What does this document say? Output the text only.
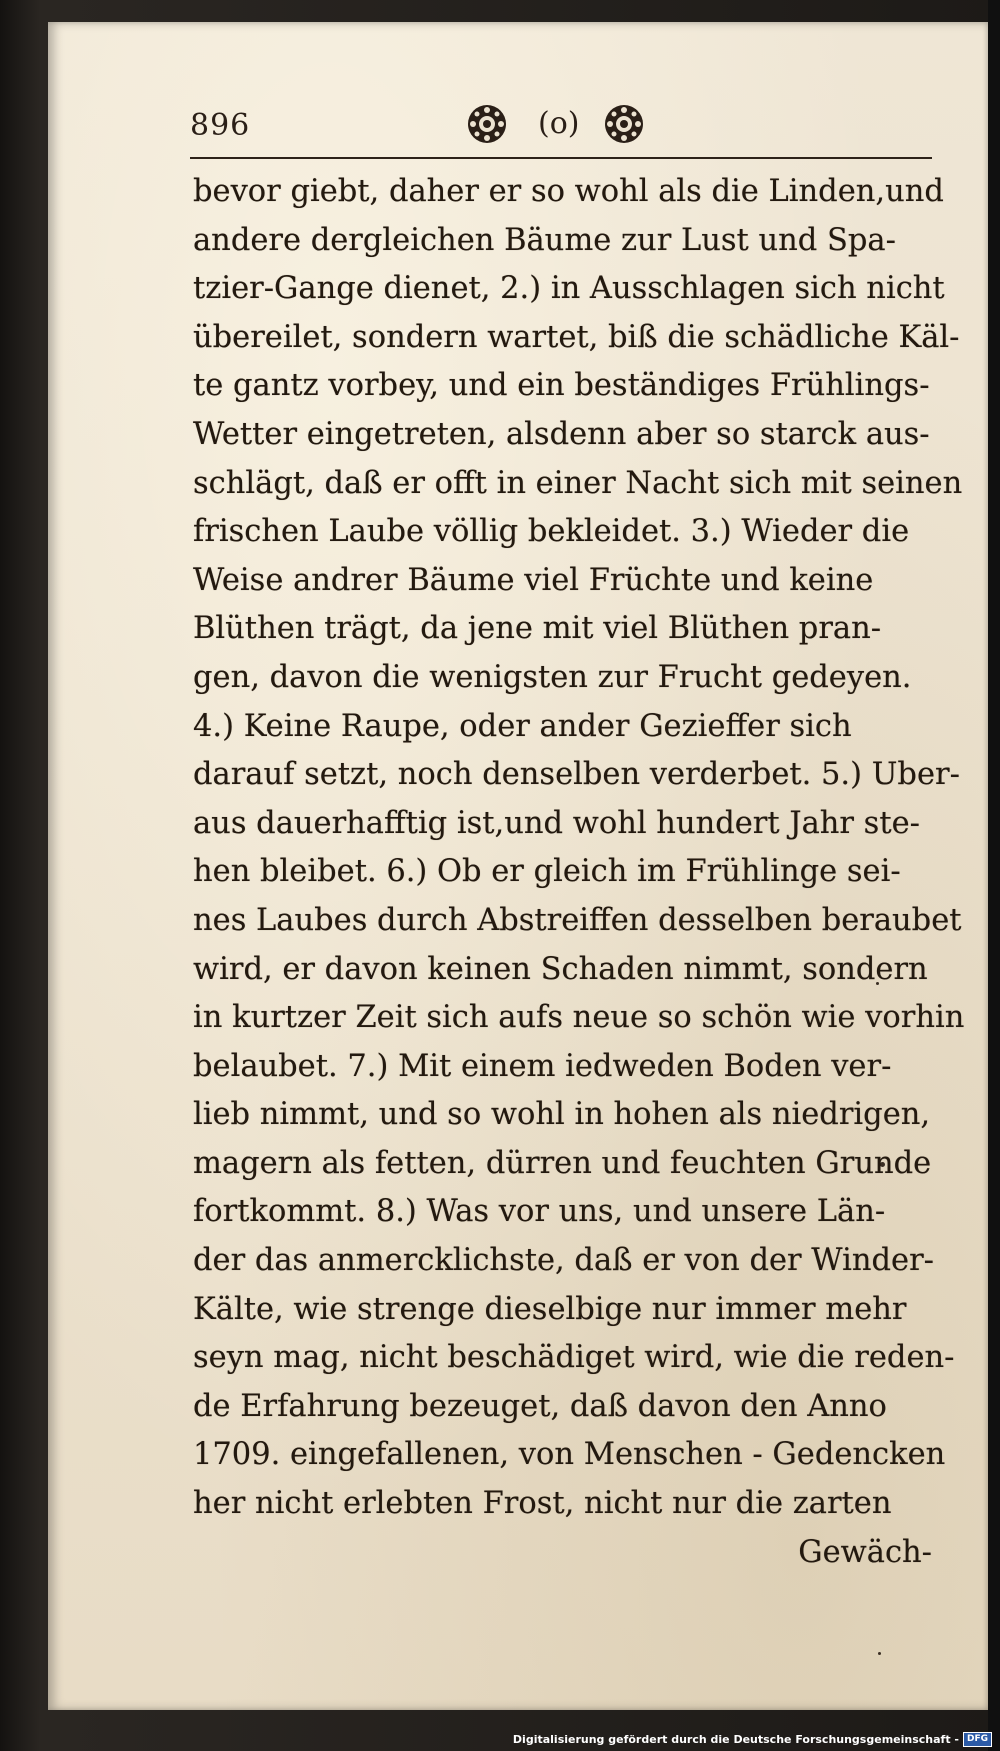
896	(o)
bevor giebt, daher er so wohl als die Linden,und
andere dergleichen Bäume zur Lust und Spa-
tzier-Gange dienet, 2.) in Ausschlagen sich nicht
übereilet, sondern wartet, biß die schädliche Käl-
te gantz vorbey, und ein beständiges Frühlings-
Wetter eingetreten, alsdenn aber so starck aus-
schlägt, daß er offt in einer Nacht sich mit seinen
frischen Laube völlig bekleidet. 3.) Wieder die
Weise andrer Bäume viel Früchte und keine
Blüthen trägt, da jene mit viel Blüthen pran-
gen, davon die wenigsten zur Frucht gedeyen.
4.) Keine Raupe, oder ander Gezieffer sich
darauf setzt, noch denselben verderbet. 5.) Uber-
aus dauerhafftig ist,und wohl hundert Jahr ste-
hen bleibet. 6.) Ob er gleich im Frühlinge sei-
nes Laubes durch Abstreiffen desselben beraubet
wird, er davon keinen Schaden nimmt, sondern
in kurtzer Zeit sich aufs neue so schön wie vorhin
belaubet. 7.) Mit einem iedweden Boden ver-
lieb nimmt, und so wohl in hohen als niedrigen,
magern als fetten, dürren und feuchten Grunde
fortkommt. 8.) Was vor uns, und unsere Län-
der das anmercklichste, daß er von der Winder-
Kälte, wie strenge dieselbige nur immer mehr
seyn mag, nicht beschädiget wird, wie die reden-
de Erfahrung bezeuget, daß davon den Anno
1709. eingefallenen, von Menschen - Gedencken
her nicht erlebten Frost, nicht nur die zarten
Gewäch-
Digitalisierung gefördert durch die Deutsche Forschungsgemeinschaft - DFG
